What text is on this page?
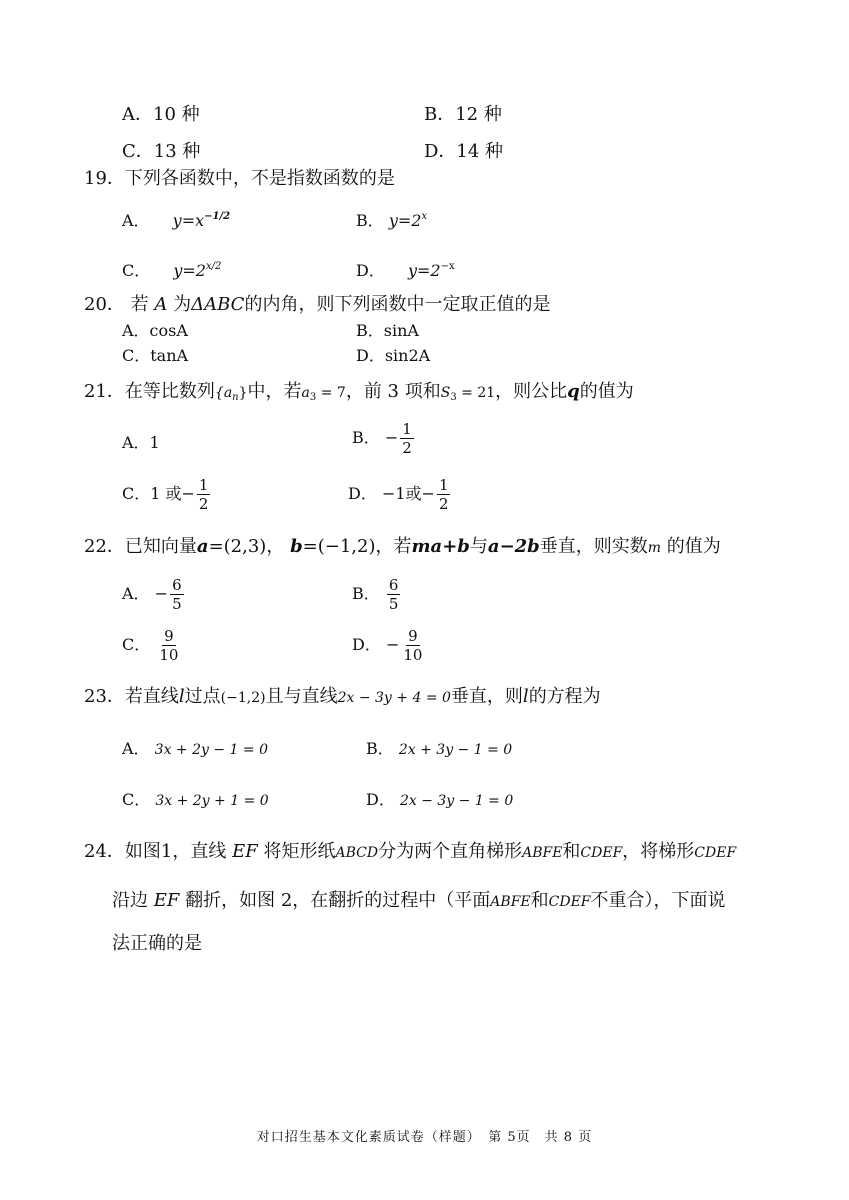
A．10 种	B．12 种
C．13 种	D．14 种
19．下列各函数中，不是指数函数的是
A． $y=x^{-1/2}$	B． $y=2^x$
C． $y=2^{x/2}$	D． $y=2^{-x}$
20． 若 A 为ΔABC的内角，则下列函数中一定取正值的是
A．cosA	B．sinA
C．tanA	D．sin2A
21．在等比数列$\{a_n\}$中，若$a_3 = 7$，前 3 项和$S_3 = 21$，则公比q的值为
A．1	B． − $\frac{1}{2}$
C．1 或− $\frac{1}{2}$	D． −1或− $\frac{1}{2}$
22．已知向量a=(2,3)， b=(−1,2)，若ma+b与a−2b垂直，则实数m 的值为
A． − $\frac{6}{5}$	B． $\frac{6}{5}$
C． $\frac{9}{10}$	D． − $\frac{9}{10}$
23．若直线l过点(−1,2)且与直线2x − 3y + 4 = 0垂直，则l的方程为
A． 3x + 2y − 1 = 0	B． 2x + 3y − 1 = 0
C． 3x + 2y + 1 = 0	D． 2x − 3y − 1 = 0
24．如图1，直线 EF 将矩形纸ABCD分为两个直角梯形ABFE和CDEF，将梯形CDEF
沿边 EF 翻折，如图 2，在翻折的过程中（平面ABFE和CDEF不重合），下面说
法正确的是
对口招生基本文化素质试卷（样题）　第 5页　共 8 页
